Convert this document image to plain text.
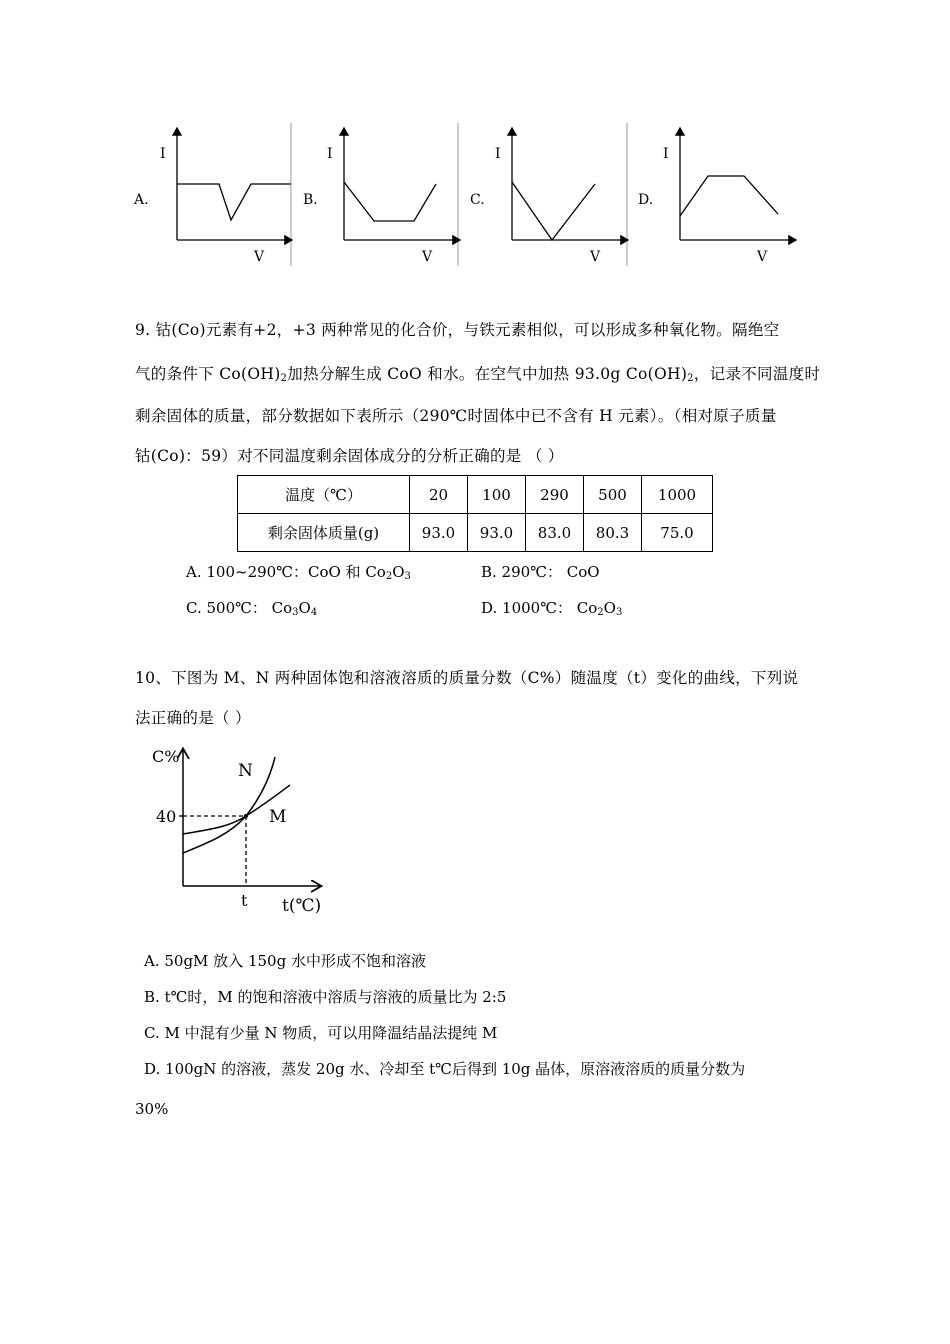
A.
I
V
B.
I
V
C.
I
V
D.
I
V
9. 钴(Co)元素有+2，+3 两种常见的化合价，与铁元素相似，可以形成多种氧化物。隔绝空
气的条件下 $Co(OH)_2$加热分解生成 CoO 和水。在空气中加热 93.0g $Co(OH)_2$，记录不同温度时
剩余固体的质量，部分数据如下表所示（290℃时固体中已不含有 H 元素）。（相对原子质量
钴(Co)：59）对不同温度剩余固体成分的分析正确的是 （ ）
温度（℃）	20	100	290	500	1000
剩余固体质量(g)	93.0	93.0	83.0	80.3	75.0
A. 100~290℃：CoO 和 $Co_2O_3$	B. 290℃： CoO
C. 500℃： $Co_3O_4$	D. 1000℃： $Co_2O_3$
10、下图为 M、N 两种固体饱和溶液溶质的质量分数（C%）随温度（t）变化的曲线，下列说
法正确的是（ ）
C%
40
N
M
t t(℃)
A. 50gM 放入 150g 水中形成不饱和溶液
B. t℃时，M 的饱和溶液中溶质与溶液的质量比为 2:5
C. M 中混有少量 N 物质，可以用降温结晶法提纯 M
D. 100gN 的溶液，蒸发 20g 水、冷却至 t℃后得到 10g 晶体，原溶液溶质的质量分数为
30%
